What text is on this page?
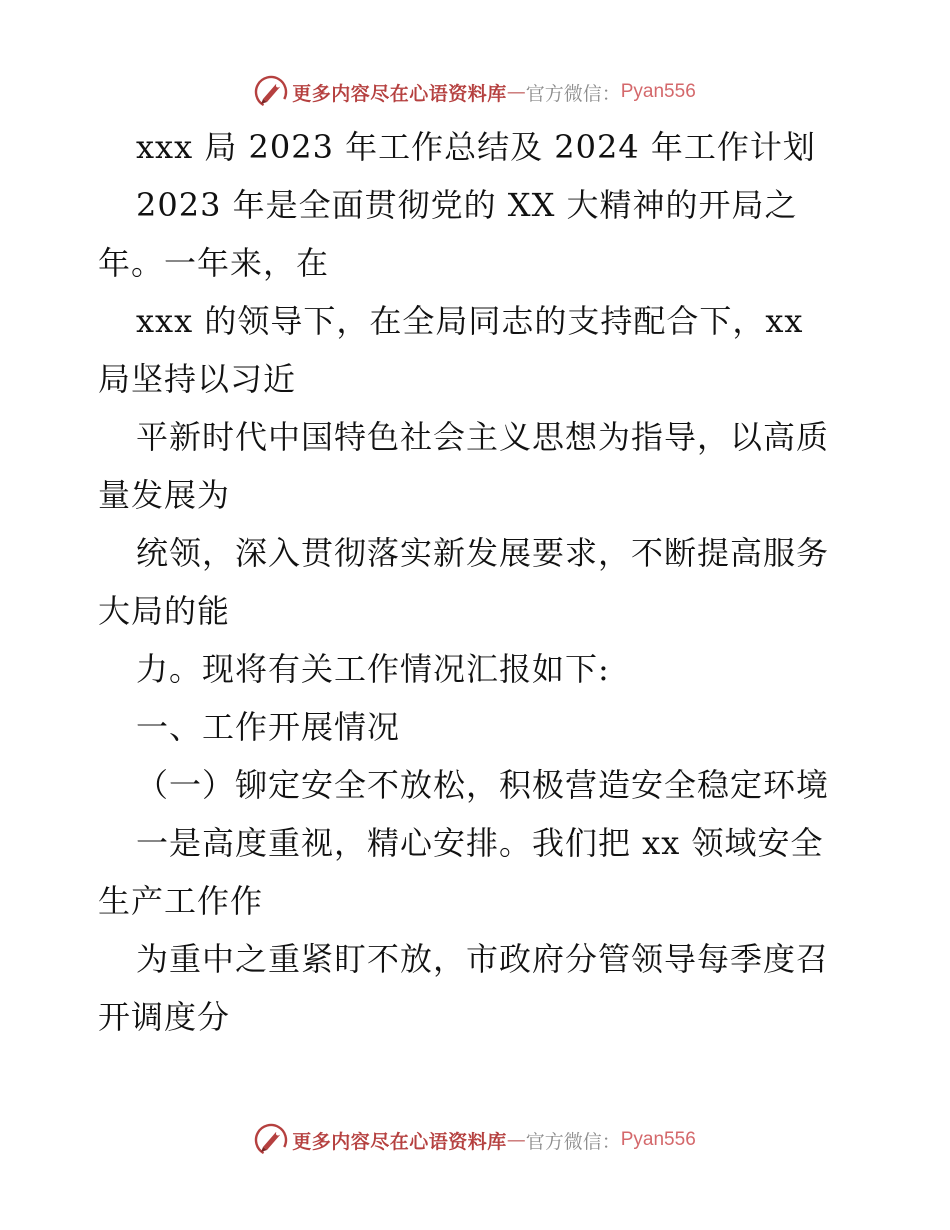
更多内容尽在心语资料库 — 官方微信： Pyan556
xxx 局 2023 年工作总结及 2024 年工作计划
2023 年是全面贯彻党的 XX 大精神的开局之
年。一年来，在
xxx 的领导下，在全局同志的支持配合下，xx
局坚持以习近
平新时代中国特色社会主义思想为指导，以高质
量发展为
统领，深入贯彻落实新发展要求，不断提高服务
大局的能
力。现将有关工作情况汇报如下:
一、工作开展情况
（一）铆定安全不放松，积极营造安全稳定环境
一是高度重视，精心安排。我们把 xx 领域安全
生产工作作
为重中之重紧盯不放，市政府分管领导每季度召
开调度分
更多内容尽在心语资料库 — 官方微信： Pyan556
